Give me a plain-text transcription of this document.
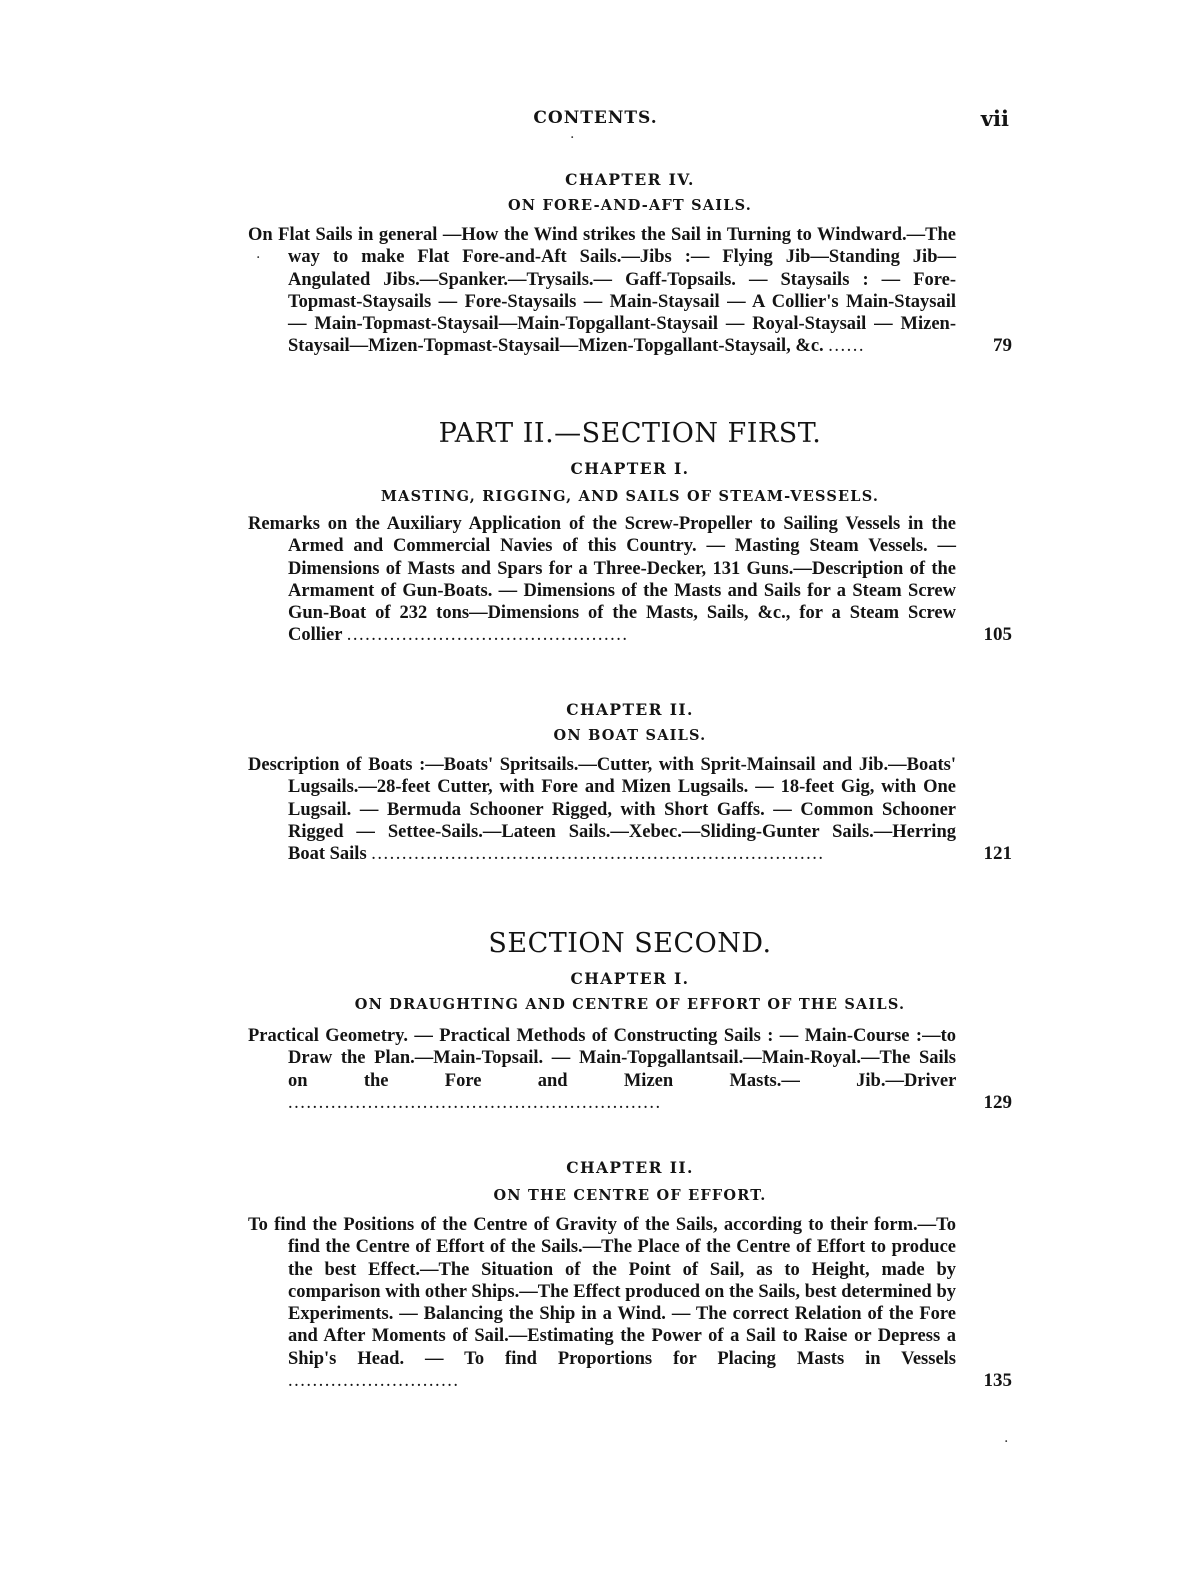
CONTENTS.	vii
CHAPTER IV.
ON FORE-AND-AFT SAILS.
On Flat Sails in general —How the Wind strikes the Sail in Turning to Windward.—The way to make Flat Fore-and-Aft Sails.—Jibs :— Flying Jib—Standing Jib—Angulated Jibs.—Spanker.—Trysails.— Gaff-Topsails. — Staysails : — Fore-Topmast-Staysails — Fore-Staysails — Main-Staysail — A Collier's Main-Staysail — Main-Topmast-Staysail—Main-Topgallant-Staysail — Royal-Staysail — Mizen-Staysail—Mizen-Topmast-Staysail—Mizen-Topgallant-Staysail, &c. ......	79
PART II.—SECTION FIRST.
CHAPTER I.
MASTING, RIGGING, AND SAILS OF STEAM-VESSELS.
Remarks on the Auxiliary Application of the Screw-Propeller to Sailing Vessels in the Armed and Commercial Navies of this Country. — Masting Steam Vessels. — Dimensions of Masts and Spars for a Three-Decker, 131 Guns.—Description of the Armament of Gun-Boats. — Dimensions of the Masts and Sails for a Steam Screw Gun-Boat of 232 tons—Dimensions of the Masts, Sails, &c., for a Steam Screw Collier ..............................................	105
CHAPTER II.
ON BOAT SAILS.
Description of Boats :—Boats' Spritsails.—Cutter, with Sprit-Mainsail and Jib.—Boats' Lugsails.—28-feet Cutter, with Fore and Mizen Lugsails. — 18-feet Gig, with One Lugsail. — Bermuda Schooner Rigged, with Short Gaffs. — Common Schooner Rigged — Settee-Sails.—Lateen Sails.—Xebec.—Sliding-Gunter Sails.—Herring Boat Sails ..........................................................................	121
SECTION SECOND.
CHAPTER I.
ON DRAUGHTING AND CENTRE OF EFFORT OF THE SAILS.
Practical Geometry. — Practical Methods of Constructing Sails : — Main-Course :—to Draw the Plan.—Main-Topsail. — Main-Topgallantsail.—Main-Royal.—The Sails on the Fore and Mizen Masts.— Jib.—Driver .............................................................	129
CHAPTER II.
ON THE CENTRE OF EFFORT.
To find the Positions of the Centre of Gravity of the Sails, according to their form.—To find the Centre of Effort of the Sails.—The Place of the Centre of Effort to produce the best Effect.—The Situation of the Point of Sail, as to Height, made by comparison with other Ships.—The Effect produced on the Sails, best determined by Experiments. — Balancing the Ship in a Wind. — The correct Relation of the Fore and After Moments of Sail.—Estimating the Power of a Sail to Raise or Depress a Ship's Head. — To find Proportions for Placing Masts in Vessels ............................	135
·
·
·
